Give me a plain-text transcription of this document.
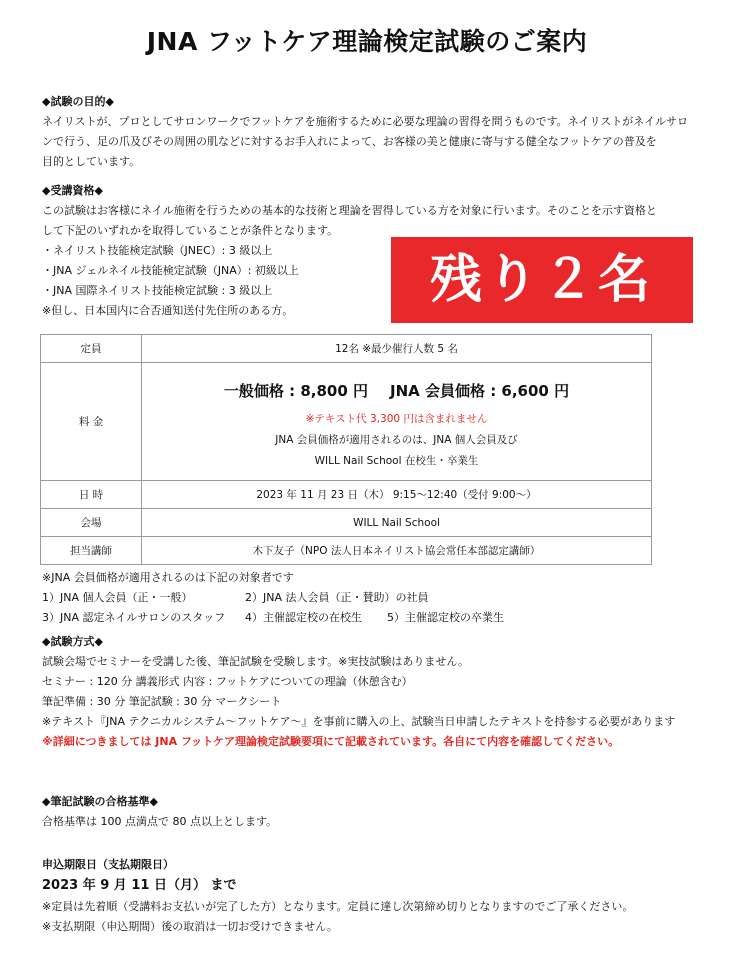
JNA フットケア理論検定試験のご案内
◆試験の目的◆
ネイリストが、プロとしてサロンワークでフットケアを施術するために必要な理論の習得を問うものです。ネイリストがネイルサロ
ンで行う、足の爪及びその周囲の肌などに対するお手入れによって、お客様の美と健康に寄与する健全なフットケアの普及を
目的としています。
◆受講資格◆
この試験はお客様にネイル施術を行うための基本的な技術と理論を習得している方を対象に行います。そのことを示す資格と
して下記のいずれかを取得していることが条件となります。
・ネイリスト技能検定試験（JNEC）: 3 級以上
・JNA ジェルネイル技能検定試験（JNA）: 初級以上
・JNA 国際ネイリスト技能検定試験 : 3 級以上
※但し、日本国内に合否通知送付先住所のある方。
残り２名
定員	12名 ※最少催行人数 5 名
料 金	一般価格 : 8,800 円 JNA 会員価格 : 6,600 円
※テキスト代 3,300 円は含まれません
JNA 会員価格が適用されるのは、JNA 個人会員及び
WILL Nail School 在校生・卒業生

日 時	2023 年 11 月 23 日（木） 9:15～12:40（受付 9:00～）
会場	WILL Nail School
担当講師	木下友子（NPO 法人日本ネイリスト協会常任本部認定講師）
※JNA 会員価格が適用されるのは下記の対象者です
1）JNA 個人会員（正・一般）	2）JNA 法人会員（正・賛助）の社員
3）JNA 認定ネイルサロンのスタッフ 4）主催認定校の在校生 5）主催認定校の卒業生
◆試験方式◆
試験会場でセミナーを受講した後、筆記試験を受験します。※実技試験はありません。
セミナー : 120 分 講義形式 内容 : フットケアについての理論（休憩含む）
筆記準備 : 30 分 筆記試験 : 30 分 マークシート
※テキスト『JNA テクニカルシステム～フットケア～』を事前に購入の上、試験当日申請したテキストを持参する必要があります
※詳細につきましては JNA フットケア理論検定試験要項にて記載されています。各自にて内容を確認してください。
◆筆記試験の合格基準◆
合格基準は 100 点満点で 80 点以上とします。
申込期限日（支払期限日）
2023 年 9 月 11 日（月） まで
※定員は先着順（受講料お支払いが完了した方）となります。定員に達し次第締め切りとなりますのでご了承ください。
※支払期限（申込期間）後の取消は一切お受けできません。
